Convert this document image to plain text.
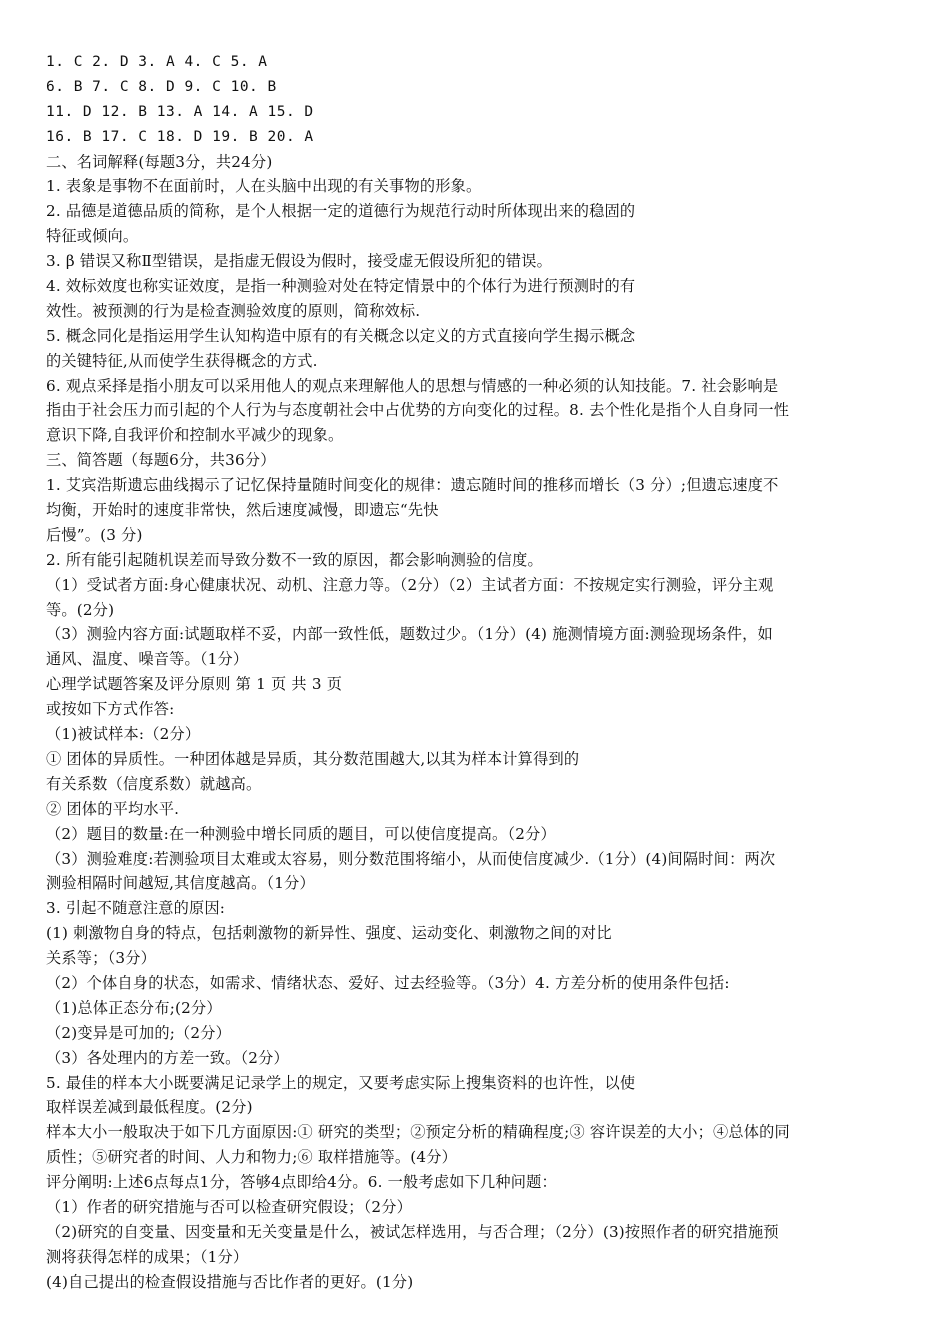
1. C 2. D 3. A 4. C 5. A
6. B 7. C 8. D 9. C 10. B
11. D 12. B 13. A 14. A 15. D
16. B 17. C 18. D 19. B 20. A
二、名词解释(每题3分，共24分)
1. 表象是事物不在面前时，人在头脑中出现的有关事物的形象。
2. 品德是道德品质的简称，是个人根据一定的道德行为规范行动时所体现出来的稳固的
特征或倾向。
3. β 错误又称Ⅱ型错误，是指虚无假设为假时，接受虚无假设所犯的错误。
4. 效标效度也称实证效度，是指一种测验对处在特定情景中的个体行为进行预测时的有
效性。被预测的行为是检查测验效度的原则，简称效标.
5. 概念同化是指运用学生认知构造中原有的有关概念以定义的方式直接向学生揭示概念
的关键特征,从而使学生获得概念的方式.
6. 观点采择是指小朋友可以采用他人的观点来理解他人的思想与情感的一种必须的认知技能。7. 社会影响是
指由于社会压力而引起的个人行为与态度朝社会中占优势的方向变化的过程。8. 去个性化是指个人自身同一性
意识下降,自我评价和控制水平减少的现象。
三、简答题（每题6分，共36分）
1. 艾宾浩斯遗忘曲线揭示了记忆保持量随时间变化的规律：遗忘随时间的推移而增长（3 分）;但遗忘速度不
均衡，开始时的速度非常快，然后速度减慢，即遗忘“先快
后慢”。(3 分)
2. 所有能引起随机误差而导致分数不一致的原因，都会影响测验的信度。
（1）受试者方面:身心健康状况、动机、注意力等。（2分）（2）主试者方面：不按规定实行测验，评分主观
等。(2分)
（3）测验内容方面:试题取样不妥，内部一致性低，题数过少。（1分）(4) 施测情境方面:测验现场条件，如
通风、温度、噪音等。（1分）
心理学试题答案及评分原则 第 1 页 共 3 页
或按如下方式作答:
（1)被试样本:（2分）
① 团体的异质性。一种团体越是异质，其分数范围越大,以其为样本计算得到的
有关系数（信度系数）就越高。
② 团体的平均水平.
（2）题目的数量:在一种测验中增长同质的题目，可以使信度提高。（2分）
（3）测验难度:若测验项目太难或太容易，则分数范围将缩小，从而使信度减少.（1分）(4)间隔时间：两次
测验相隔时间越短,其信度越高。（1分）
3. 引起不随意注意的原因:
(1) 刺激物自身的特点，包括刺激物的新异性、强度、运动变化、刺激物之间的对比
关系等；（3分）
（2）个体自身的状态，如需求、情绪状态、爱好、过去经验等。（3分）4. 方差分析的使用条件包括:
（1)总体正态分布;(2分）
（2)变异是可加的;（2分）
（3）各处理内的方差一致。（2分）
5. 最佳的样本大小既要满足记录学上的规定，又要考虑实际上搜集资料的也许性，以使
取样误差减到最低程度。(2分)
样本大小一般取决于如下几方面原因:① 研究的类型；②预定分析的精确程度;③ 容许误差的大小；④总体的同
质性；⑤研究者的时间、人力和物力;⑥ 取样措施等。(4分）
评分阐明:上述6点每点1分，答够4点即给4分。6. 一般考虑如下几种问题：
（1）作者的研究措施与否可以检查研究假设；（2分）
（2)研究的自变量、因变量和无关变量是什么，被试怎样选用，与否合理；（2分）(3)按照作者的研究措施预
测将获得怎样的成果；（1分）
(4)自己提出的检查假设措施与否比作者的更好。(1分)
